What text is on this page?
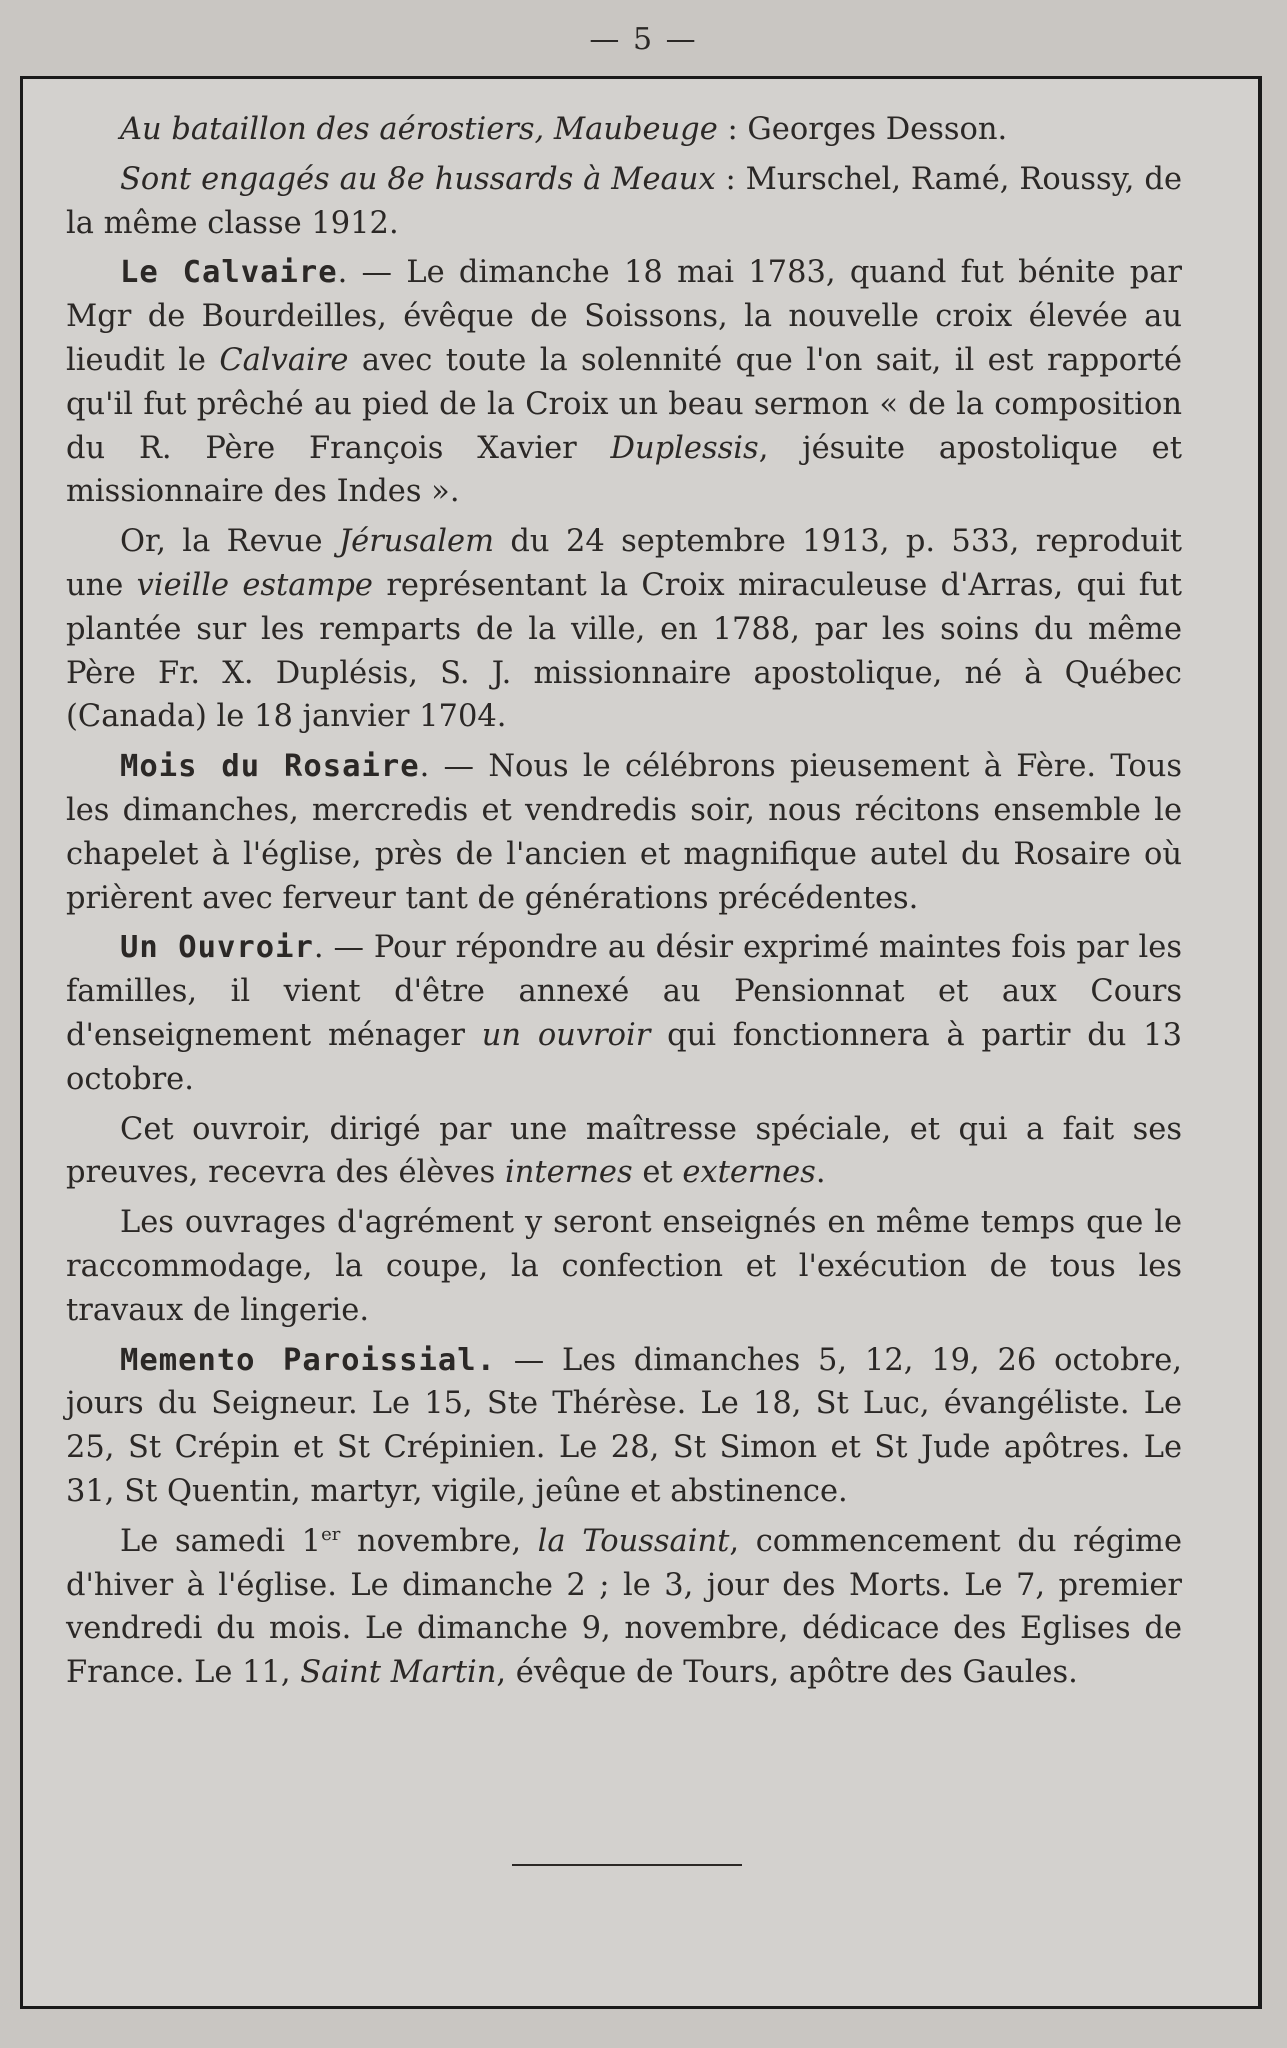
— 5 —

Au bataillon des aérostiers, Maubeuge : Georges Desson.

Sont engagés au 8e hussards à Meaux : Murschel, Ramé, Roussy, de la même classe 1912.

Le Calvaire. — Le dimanche 18 mai 1783, quand fut bénite par Mgr de Bourdeilles, évêque de Soissons, la nouvelle croix élevée au lieudit le Calvaire avec toute la solennité que l'on sait, il est rapporté qu'il fut prêché au pied de la Croix un beau sermon « de la composition du R. Père François Xavier Duplessis, jésuite apostolique et missionnaire des Indes ».

Or, la Revue Jérusalem du 24 septembre 1913, p. 533, reproduit une vieille estampe représentant la Croix miraculeuse d'Arras, qui fut plantée sur les remparts de la ville, en 1788, par les soins du même Père Fr. X. Duplésis, S. J. missionnaire apostolique, né à Québec (Canada) le 18 janvier 1704.

Mois du Rosaire. — Nous le célébrons pieusement à Fère. Tous les dimanches, mercredis et vendredis soir, nous récitons ensemble le chapelet à l'église, près de l'ancien et magnifique autel du Rosaire où prièrent avec ferveur tant de générations précédentes.

Un Ouvroir. — Pour répondre au désir exprimé maintes fois par les familles, il vient d'être annexé au Pensionnat et aux Cours d'enseignement ménager un ouvroir qui fonctionnera à partir du 13 octobre.

Cet ouvroir, dirigé par une maîtresse spéciale, et qui a fait ses preuves, recevra des élèves internes et externes.

Les ouvrages d'agrément y seront enseignés en même temps que le raccommodage, la coupe, la confection et l'exécution de tous les travaux de lingerie.

Memento Paroissial. — Les dimanches 5, 12, 19, 26 octobre, jours du Seigneur. Le 15, Ste Thérèse. Le 18, St Luc, évangéliste. Le 25, St Crépin et St Crépinien. Le 28, St Simon et St Jude apôtres. Le 31, St Quentin, martyr, vigile, jeûne et abstinence.

Le samedi 1er novembre, la Toussaint, commencement du régime d'hiver à l'église. Le dimanche 2 ; le 3, jour des Morts. Le 7, premier vendredi du mois. Le dimanche 9, novembre, dédicace des Eglises de France. Le 11, Saint Martin, évêque de Tours, apôtre des Gaules.
